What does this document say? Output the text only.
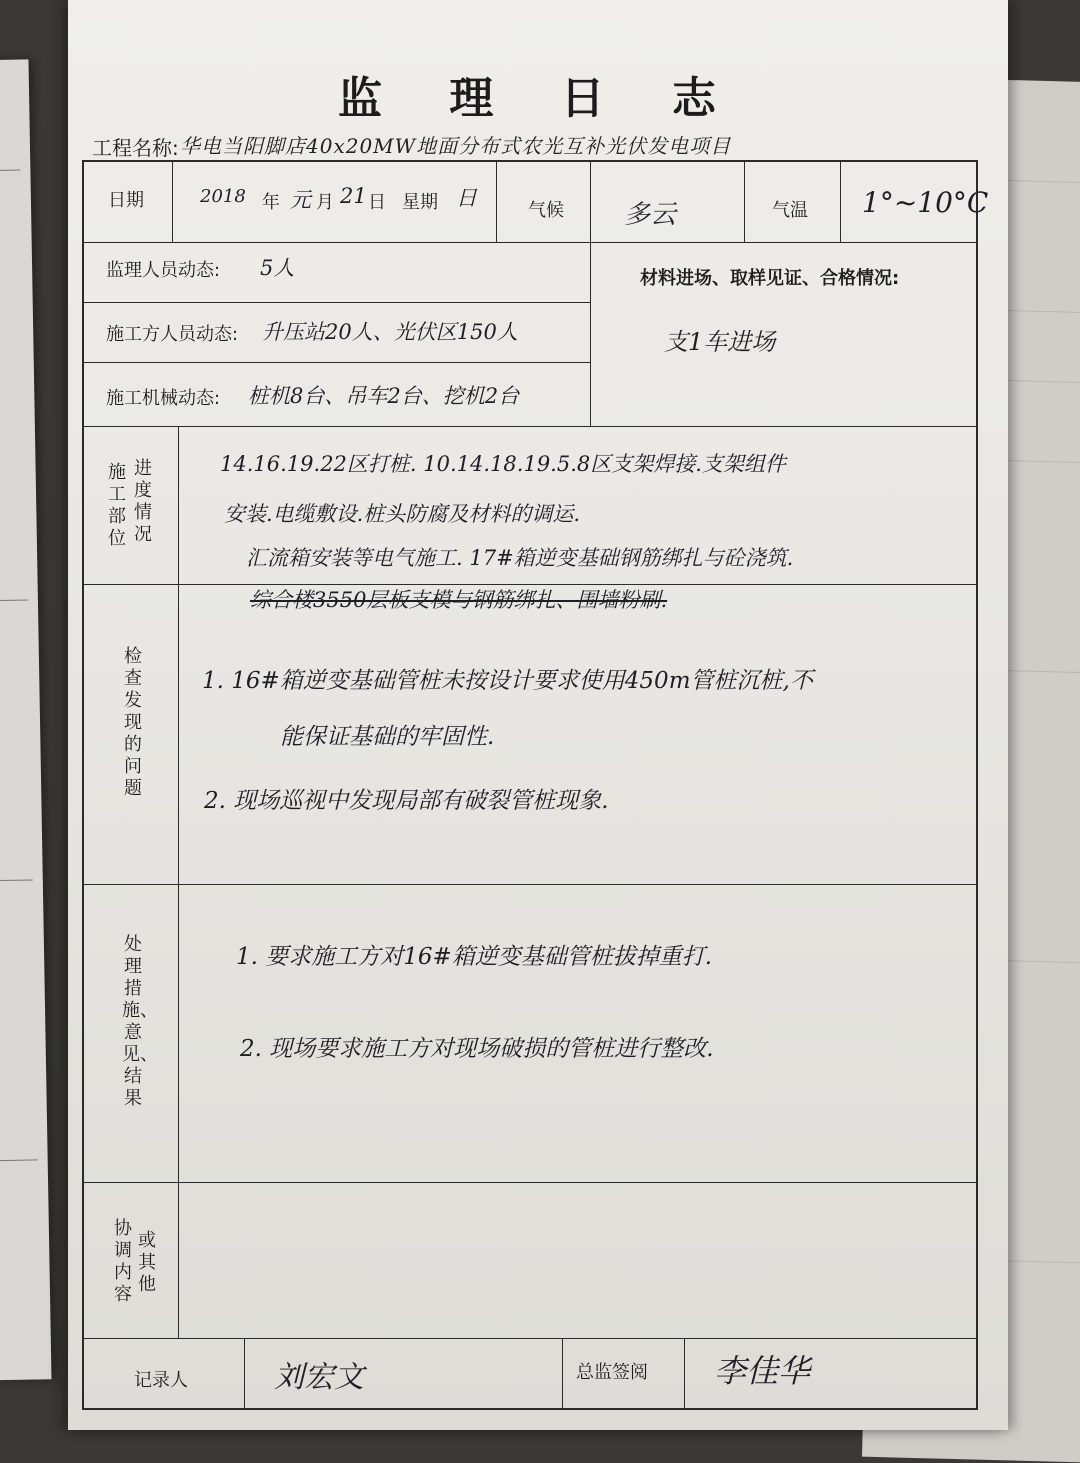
监 理 日 志
工程名称: 华电当阳脚店40x20MW地面分布式农光互补光伏发电项目
日期	2018 年 元 月 21 日 星期 日
气候 多云	气温 1°~10°C
监理人员动态: 5人
施工方人员动态: 升压站20人、光伏区150人
施工机械动态: 桩机8台、吊车2台、挖机2台
材料进场、取样见证、合格情况:
支1车进场
施工部位
进度情况
14.16.19.22区打桩. 10.14.18.19.5.8区支架焊接.支架组件
安装.电缆敷设.桩头防腐及材料的调运.
汇流箱安装等电气施工. 17#箱逆变基础钢筋绑扎与砼浇筑.
综合楼3550层板支模与钢筋绑扎、围墙粉刷.
检查发现的问题
1. 16#箱逆变基础管桩未按设计要求使用450m管桩沉桩,不
能保证基础的牢固性.
2. 现场巡视中发现局部有破裂管桩现象.
处理措施、意见、结果
1. 要求施工方对16#箱逆变基础管桩拔掉重打.
2. 现场要求施工方对现场破损的管桩进行整改.
协调内容
或其他
记录人	刘宏文	总监签阅 李佳华
